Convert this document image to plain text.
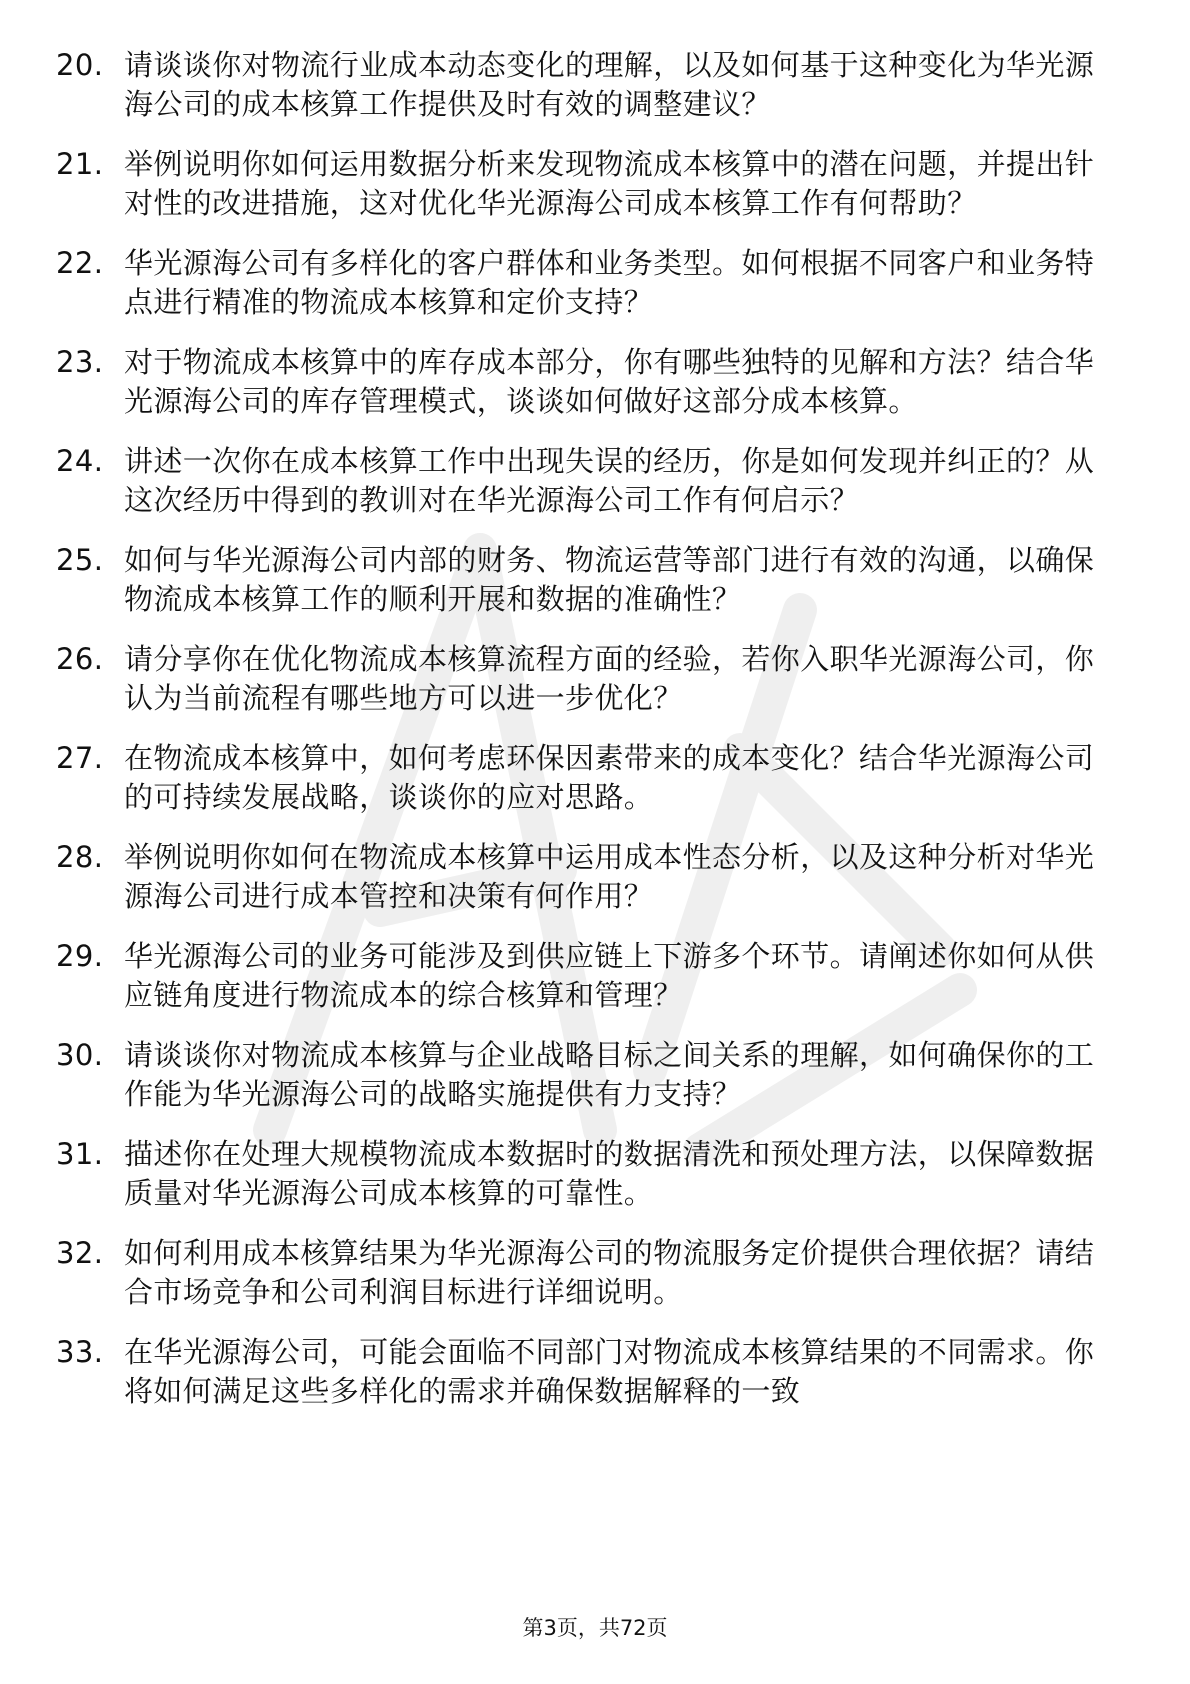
20. 请谈谈你对物流行业成本动态变化的理解，以及如何基于这种变化为华光源海公司的成本核算工作提供及时有效的调整建议？
21. 举例说明你如何运用数据分析来发现物流成本核算中的潜在问题，并提出针对性的改进措施，这对优化华光源海公司成本核算工作有何帮助？
22. 华光源海公司有多样化的客户群体和业务类型。如何根据不同客户和业务特点进行精准的物流成本核算和定价支持？
23. 对于物流成本核算中的库存成本部分，你有哪些独特的见解和方法？结合华光源海公司的库存管理模式，谈谈如何做好这部分成本核算。
24. 讲述一次你在成本核算工作中出现失误的经历，你是如何发现并纠正的？从这次经历中得到的教训对在华光源海公司工作有何启示？
25. 如何与华光源海公司内部的财务、物流运营等部门进行有效的沟通，以确保物流成本核算工作的顺利开展和数据的准确性？
26. 请分享你在优化物流成本核算流程方面的经验，若你入职华光源海公司，你认为当前流程有哪些地方可以进一步优化？
27. 在物流成本核算中，如何考虑环保因素带来的成本变化？结合华光源海公司的可持续发展战略，谈谈你的应对思路。
28. 举例说明你如何在物流成本核算中运用成本性态分析，以及这种分析对华光源海公司进行成本管控和决策有何作用？
29. 华光源海公司的业务可能涉及到供应链上下游多个环节。请阐述你如何从供应链角度进行物流成本的综合核算和管理？
30. 请谈谈你对物流成本核算与企业战略目标之间关系的理解，如何确保你的工作能为华光源海公司的战略实施提供有力支持？
31. 描述你在处理大规模物流成本数据时的数据清洗和预处理方法，以保障数据质量对华光源海公司成本核算的可靠性。
32. 如何利用成本核算结果为华光源海公司的物流服务定价提供合理依据？请结合市场竞争和公司利润目标进行详细说明。
33. 在华光源海公司，可能会面临不同部门对物流成本核算结果的不同需求。你将如何满足这些多样化的需求并确保数据解释的一致
第3页，共72页
